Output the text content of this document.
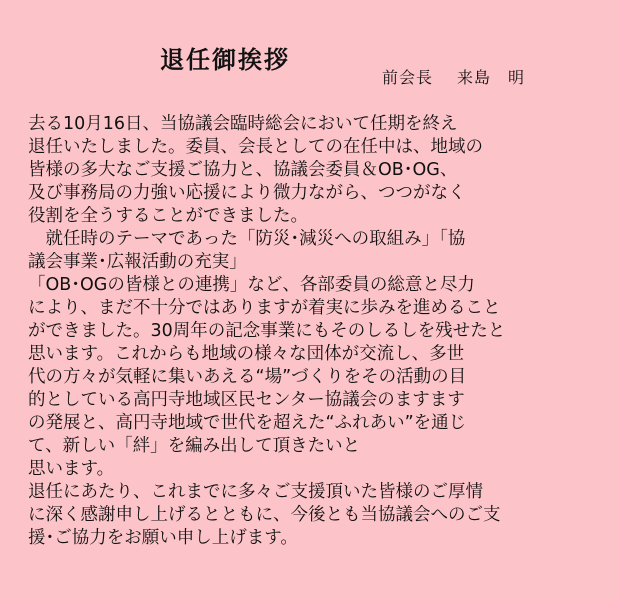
退任御挨拶
前会長 来島　明
去る10月16日、当協議会臨時総会において任期を終え
退任いたしました。委員、会長としての在任中は、地域の
皆様の多大なご支援ご協力と、協議会委員＆OB･OG、
及び事務局の力強い応援により微力ながら、つつがなく
役割を全うすることができました。
　就任時のテーマであった「防災･減災への取組み」「協
議会事業･広報活動の充実」
「OB･OGの皆様との連携」など、各部委員の総意と尽力
により、まだ不十分ではありますが着実に歩みを進めること
ができました。30周年の記念事業にもそのしるしを残せたと
思います。これからも地域の様々な団体が交流し、多世
代の方々が気軽に集いあえる“場”づくりをその活動の目
的としている高円寺地域区民センター協議会のますます
の発展と、高円寺地域で世代を超えた“ふれあい”を通じ
て、新しい「絆」を編み出して頂きたいと
思います。
退任にあたり、これまでに多々ご支援頂いた皆様のご厚情
に深く感謝申し上げるとともに、今後とも当協議会へのご支
援･ご協力をお願い申し上げます。
